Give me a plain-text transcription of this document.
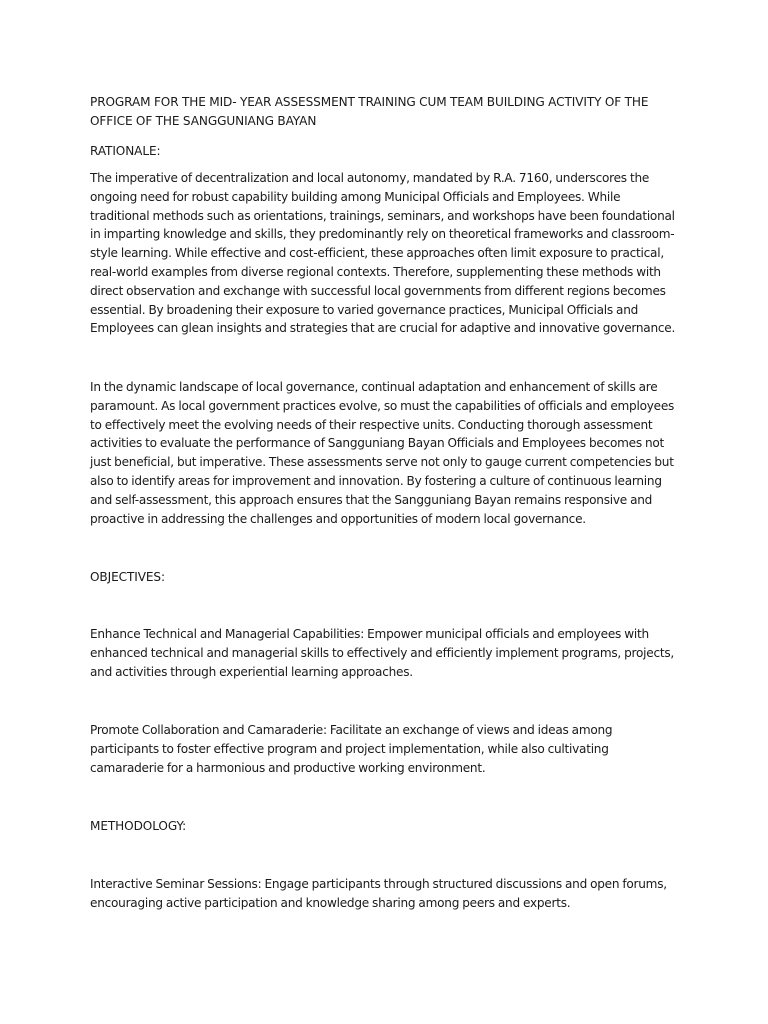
PROGRAM FOR THE MID- YEAR ASSESSMENT TRAINING CUM TEAM BUILDING ACTIVITY OF THE OFFICE OF THE SANGGUNIANG BAYAN
RATIONALE:
The imperative of decentralization and local autonomy, mandated by R.A. 7160, underscores the ongoing need for robust capability building among Municipal Officials and Employees. While traditional methods such as orientations, trainings, seminars, and workshops have been foundational in imparting knowledge and skills, they predominantly rely on theoretical frameworks and classroom-style learning. While effective and cost-efficient, these approaches often limit exposure to practical, real-world examples from diverse regional contexts. Therefore, supplementing these methods with direct observation and exchange with successful local governments from different regions becomes essential. By broadening their exposure to varied governance practices, Municipal Officials and Employees can glean insights and strategies that are crucial for adaptive and innovative governance.
In the dynamic landscape of local governance, continual adaptation and enhancement of skills are paramount. As local government practices evolve, so must the capabilities of officials and employees to effectively meet the evolving needs of their respective units. Conducting thorough assessment activities to evaluate the performance of Sangguniang Bayan Officials and Employees becomes not just beneficial, but imperative. These assessments serve not only to gauge current competencies but also to identify areas for improvement and innovation. By fostering a culture of continuous learning and self-assessment, this approach ensures that the Sangguniang Bayan remains responsive and proactive in addressing the challenges and opportunities of modern local governance.
OBJECTIVES:
Enhance Technical and Managerial Capabilities: Empower municipal officials and employees with enhanced technical and managerial skills to effectively and efficiently implement programs, projects, and activities through experiential learning approaches.
Promote Collaboration and Camaraderie: Facilitate an exchange of views and ideas among participants to foster effective program and project implementation, while also cultivating camaraderie for a harmonious and productive working environment.
METHODOLOGY:
Interactive Seminar Sessions: Engage participants through structured discussions and open forums, encouraging active participation and knowledge sharing among peers and experts.
